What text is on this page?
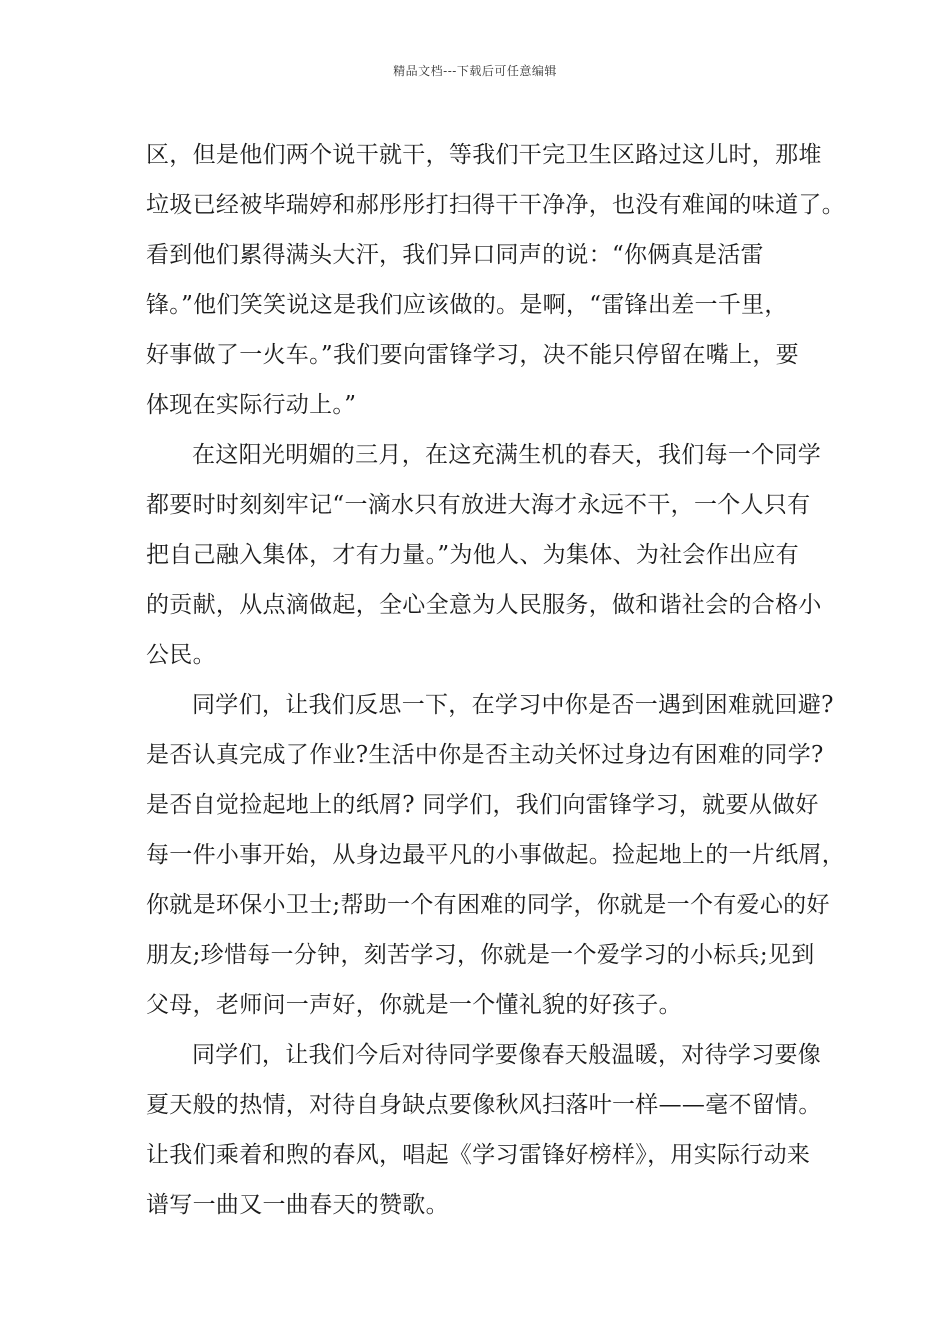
精品文档---下载后可任意编辑
区，但是他们两个说干就干，等我们干完卫生区路过这儿时，那堆
垃圾已经被毕瑞婷和郝彤彤打扫得干干净净，也没有难闻的味道了。
看到他们累得满头大汗，我们异口同声的说：“你俩真是活雷
锋。”他们笑笑说这是我们应该做的。是啊，“雷锋出差一千里，
好事做了一火车。”我们要向雷锋学习，决不能只停留在嘴上，要
体现在实际行动上。”
在这阳光明媚的三月，在这充满生机的春天，我们每一个同学
都要时时刻刻牢记“一滴水只有放进大海才永远不干，一个人只有
把自己融入集体，才有力量。”为他人、为集体、为社会作出应有
的贡献，从点滴做起，全心全意为人民服务，做和谐社会的合格小
公民。
同学们，让我们反思一下，在学习中你是否一遇到困难就回避?
是否认真完成了作业?生活中你是否主动关怀过身边有困难的同学?
是否自觉捡起地上的纸屑? 同学们，我们向雷锋学习，就要从做好
每一件小事开始，从身边最平凡的小事做起。捡起地上的一片纸屑，
你就是环保小卫士;帮助一个有困难的同学，你就是一个有爱心的好
朋友;珍惜每一分钟，刻苦学习，你就是一个爱学习的小标兵;见到
父母，老师问一声好，你就是一个懂礼貌的好孩子。
同学们，让我们今后对待同学要像春天般温暖，对待学习要像
夏天般的热情，对待自身缺点要像秋风扫落叶一样——毫不留情。
让我们乘着和煦的春风，唱起《学习雷锋好榜样》，用实际行动来
谱写一曲又一曲春天的赞歌。
